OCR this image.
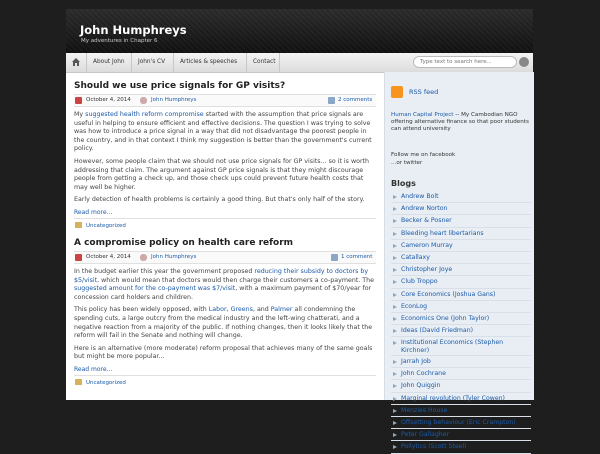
John Humphreys
My adventures in Chapter 6
About John John's CV	Articles & speeches	Contact
Type text to search here...
Should we use price signals for GP visits?
October 4, 2014	John Humphreys	2 comments

My suggested health reform compromise started with the assumption that price signals are useful in helping to ensure efficient and effective decisions. The question I was trying to solve was how to introduce a price signal in a way that did not disadvantage the poorest people in the country, and in that context I think my suggestion is better than the government's current policy.

However, some people claim that we should not use price signals for GP visits... so it is worth addressing that claim. The argument against GP price signals is that they might discourage people from getting a check up, and those check ups could prevent future health costs that may well be higher.

Early detection of health problems is certainly a good thing. But that's only half of the story.

Read more...
Uncategorized
A compromise policy on health care reform
October 4, 2014	John Humphreys	1 comment

In the budget earlier this year the government proposed reducing their subsidy to doctors by $5/visit, which would mean that doctors would then charge their customers a co-payment. The suggested amount for the co-payment was $7/visit, with a maximum payment of $70/year for concession card holders and children.

This policy has been widely opposed, with Labor, Greens, and Palmer all condemning the spending cuts, a large outcry from the medical industry and the left-wing chatterati, and a negative reaction from a majority of the public. If nothing changes, then it looks likely that the reform will fail in the Senate and nothing will change.

Here is an alternative (more moderate) reform proposal that achieves many of the same goals but might be more popular...

Read more...
Uncategorized
RSS feed
Human Capital Project -- My Cambodian NGO offering alternative finance so that poor students can attend university
Follow me on facebook
...or twitter
Blogs
Andrew Bolt
Andrew Norton
Becker & Posner
Bleeding heart libertarians
Cameron Murray
Catallaxy
Christopher Joye
Club Troppo
Core Economics (Joshua Gans)
EconLog
Economics One (John Taylor)
Ideas (David Friedman)
Institutional Economics (Stephen Kirchner)
Jarrah Job
John Cochrane
John Quiggin
Marginal revolution (Tyler Cowen)
Menzies House
Offsetting behaviour (Eric Crampton)
Peter Gallagher
Pollytics (Scott Steel)
